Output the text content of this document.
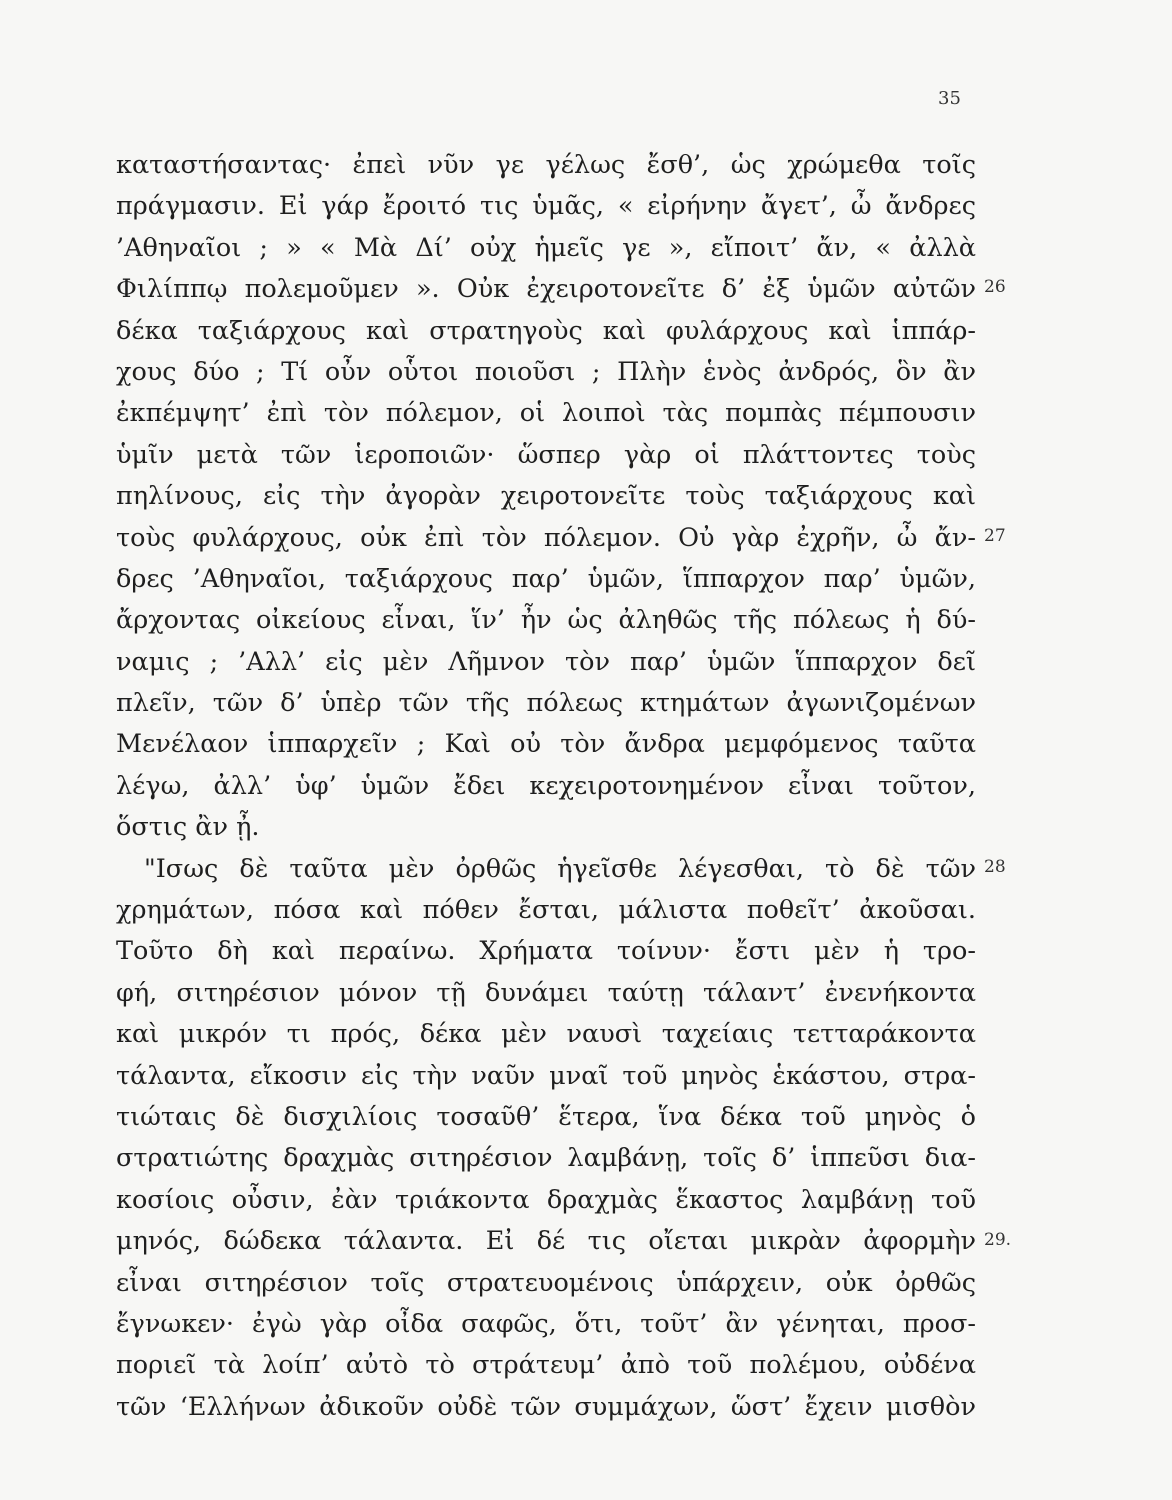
35
καταστήσαντας· ἐπεὶ νῦν γε γέλως ἔσθ’, ὡς χρώμεθα τοῖς
πράγμασιν. Εἰ γάρ ἔροιτό τις ὑμᾶς, « εἰρήνην ἄγετ’, ὦ ἄνδρες
’Αθηναῖοι ; » « Μὰ Δί’ οὐχ ἡμεῖς γε », εἴποιτ’ ἄν, « ἀλλὰ
Φιλίππῳ πολεμοῦμεν ». Οὐκ ἐχειροτονεῖτε δ’ ἐξ ὑμῶν αὐτῶν
δέκα ταξιάρχους καὶ στρατηγοὺς καὶ φυλάρχους καὶ ἱππάρ-
χους δύο ; Τί οὖν οὗτοι ποιοῦσι ; Πλὴν ἑνὸς ἀνδρός, ὃν ἂν
ἐκπέμψητ’ ἐπὶ τὸν πόλεμον, οἱ λοιποὶ τὰς πομπὰς πέμπουσιν
ὑμῖν μετὰ τῶν ἱεροποιῶν· ὥσπερ γὰρ οἱ πλάττοντες τοὺς
πηλίνους, εἰς τὴν ἀγορὰν χειροτονεῖτε τοὺς ταξιάρχους καὶ
τοὺς φυλάρχους, οὐκ ἐπὶ τὸν πόλεμον. Οὐ γὰρ ἐχρῆν, ὦ ἄν-
δρες ’Αθηναῖοι, ταξιάρχους παρ’ ὑμῶν, ἵππαρχον παρ’ ὑμῶν,
ἄρχοντας οἰκείους εἶναι, ἵν’ ἦν ὡς ἀληθῶς τῆς πόλεως ἡ δύ-
ναμις ; ’Αλλ’ εἰς μὲν Λῆμνον τὸν παρ’ ὑμῶν ἵππαρχον δεῖ
πλεῖν, τῶν δ’ ὑπὲρ τῶν τῆς πόλεως κτημάτων ἀγωνιζομένων
Μενέλαον ἱππαρχεῖν ; Καὶ οὐ τὸν ἄνδρα μεμφόμενος ταῦτα
λέγω, ἀλλ’ ὑφ’ ὑμῶν ἔδει κεχειροτονημένον εἶναι τοῦτον,
ὅστις ἂν ᾖ.
"Ισως δὲ ταῦτα μὲν ὀρθῶς ἡγεῖσθε λέγεσθαι, τὸ δὲ τῶν
χρημάτων, πόσα καὶ πόθεν ἔσται, μάλιστα ποθεῖτ’ ἀκοῦσαι.
Τοῦτο δὴ καὶ περαίνω. Χρήματα τοίνυν· ἔστι μὲν ἡ τρο-
φή, σιτηρέσιον μόνον τῇ δυνάμει ταύτῃ τάλαντ’ ἐνενήκοντα
καὶ μικρόν τι πρός, δέκα μὲν ναυσὶ ταχείαις τετταράκοντα
τάλαντα, εἴκοσιν εἰς τὴν ναῦν μναῖ τοῦ μηνὸς ἑκάστου, στρα-
τιώταις δὲ δισχιλίοις τοσαῦθ’ ἕτερα, ἵνα δέκα τοῦ μηνὸς ὁ
στρατιώτης δραχμὰς σιτηρέσιον λαμβάνῃ, τοῖς δ’ ἱππεῦσι δια-
κοσίοις οὖσιν, ἐὰν τριάκοντα δραχμὰς ἕκαστος λαμβάνῃ τοῦ
μηνός, δώδεκα τάλαντα. Εἰ δέ τις οἴεται μικρὰν ἀφορμὴν
εἶναι σιτηρέσιον τοῖς στρατευομένοις ὑπάρχειν, οὐκ ὀρθῶς
ἔγνωκεν· ἐγὼ γὰρ οἶδα σαφῶς, ὅτι, τοῦτ’ ἂν γένηται, προσ-
ποριεῖ τὰ λοίπ’ αὐτὸ τὸ στράτευμ’ ἀπὸ τοῦ πολέμου, οὐδένα
τῶν ‘Ελλήνων ἀδικοῦν οὐδὲ τῶν συμμάχων, ὥστ’ ἔχειν μισθὸν
26
27
28
29.
